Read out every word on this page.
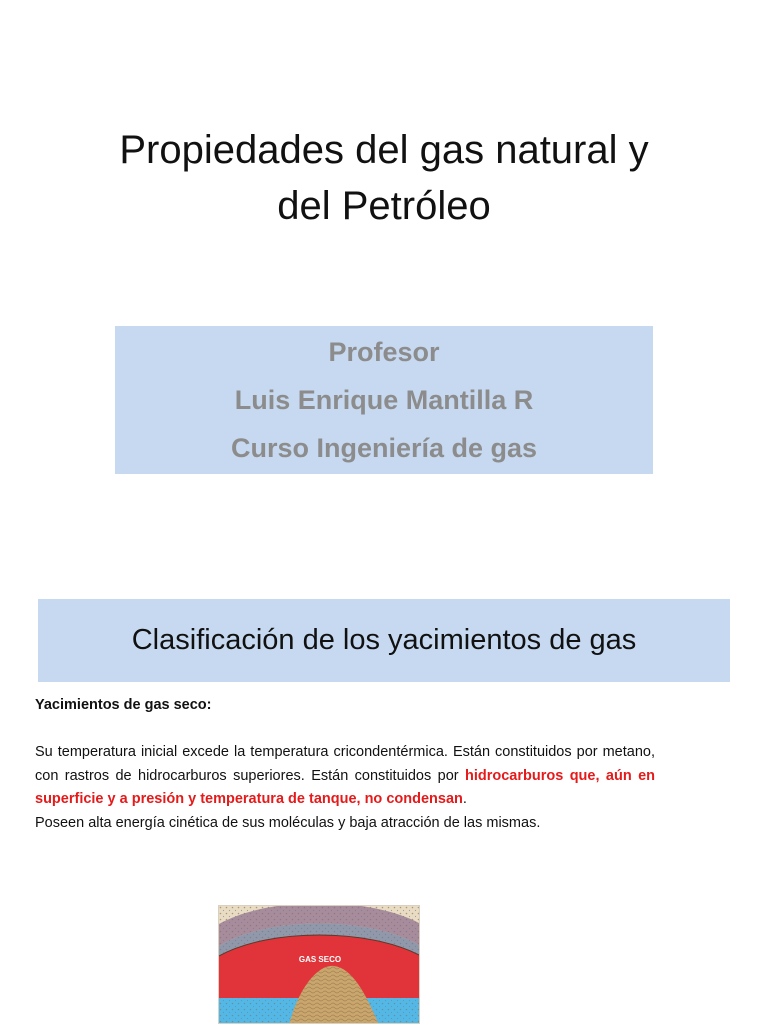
Propiedades del gas natural y
del Petróleo
Profesor
Luis Enrique Mantilla R
Curso Ingeniería de gas
Clasificación de los yacimientos de gas

Yacimientos de gas seco:

Su temperatura inicial excede la temperatura cricondentérmica. Están constituidos por metano, con rastros de hidrocarburos superiores. Están constituidos por hidrocarburos que, aún en superficie y a presión y temperatura de tanque, no condensan.

Poseen alta energía cinética de sus moléculas y baja atracción de las mismas.

GAS SECO
